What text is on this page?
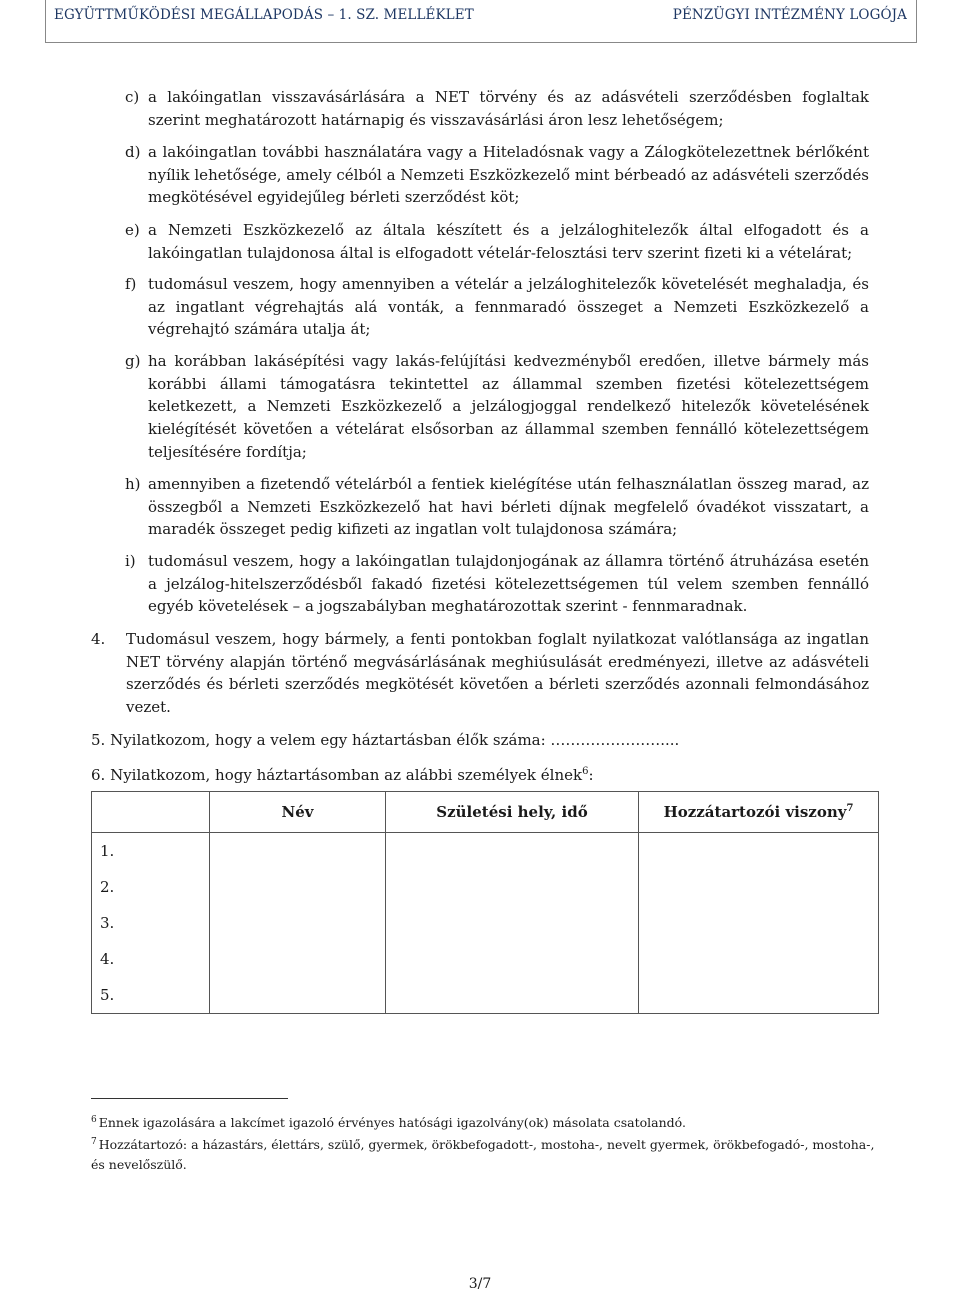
EGYÜTTMŰKÖDÉSI MEGÁLLAPODÁS – 1. SZ. MELLÉKLET	PÉNZÜGYI INTÉZMÉNY LOGÓJA
c) a lakóingatlan visszavásárlására a NET törvény és az adásvételi szerződésben foglaltak szerint meghatározott határnapig és visszavásárlási áron lesz lehetőségem;
d) a lakóingatlan további használatára vagy a Hiteladósnak vagy a Zálogkötelezettnek bérlőként nyílik lehetősége, amely célból a Nemzeti Eszközkezelő mint bérbeadó az adásvételi szerződés megkötésével egyidejűleg bérleti szerződést köt;
e) a Nemzeti Eszközkezelő az általa készített és a jelzáloghitelezők által elfogadott és a lakóingatlan tulajdonosa által is elfogadott vételár-felosztási terv szerint fizeti ki a vételárat;
f) tudomásul veszem, hogy amennyiben a vételár a jelzáloghitelezők követelését meghaladja, és az ingatlant végrehajtás alá vonták, a fennmaradó összeget a Nemzeti Eszközkezelő a végrehajtó számára utalja át;
g) ha korábban lakásépítési vagy lakás-felújítási kedvezményből eredően, illetve bármely más korábbi állami támogatásra tekintettel az állammal szemben fizetési kötelezettségem keletkezett, a Nemzeti Eszközkezelő a jelzálogjoggal rendelkező hitelezők követelésének kielégítését követően a vételárat elsősorban az állammal szemben fennálló kötelezettségem teljesítésére fordítja;
h) amennyiben a fizetendő vételárból a fentiek kielégítése után felhasználatlan összeg marad, az összegből a Nemzeti Eszközkezelő hat havi bérleti díjnak megfelelő óvadékot visszatart, a maradék összeget pedig kifizeti az ingatlan volt tulajdonosa számára;
i) tudomásul veszem, hogy a lakóingatlan tulajdonjogának az államra történő átruházása esetén a jelzálog-hitelszerződésből fakadó fizetési kötelezettségemen túl velem szemben fennálló egyéb követelések – a jogszabályban meghatározottak szerint - fennmaradnak.
4. Tudomásul veszem, hogy bármely, a fenti pontokban foglalt nyilatkozat valótlansága az ingatlan NET törvény alapján történő megvásárlásának meghiúsulását eredményezi, illetve az adásvételi szerződés és bérleti szerződés megkötését követően a bérleti szerződés azonnali felmondásához vezet.
5. Nyilatkozom, hogy a velem egy háztartásban élők száma: ……………….…....
6. Nyilatkozom, hogy háztartásomban az alábbi személyek élnek$^6$:
	Név	Születési hely, idő	Hozzátartozói viszony$^7$
1.			
2.			
3.			
4.			
5.			
$^6$ Ennek igazolására a lakcímet igazoló érvényes hatósági igazolvány(ok) másolata csatolandó.
$^7$ Hozzátartozó: a házastárs, élettárs, szülő, gyermek, örökbefogadott-, mostoha-, nevelt gyermek, örökbefogadó-, mostoha-, és nevelőszülő.
3/7
